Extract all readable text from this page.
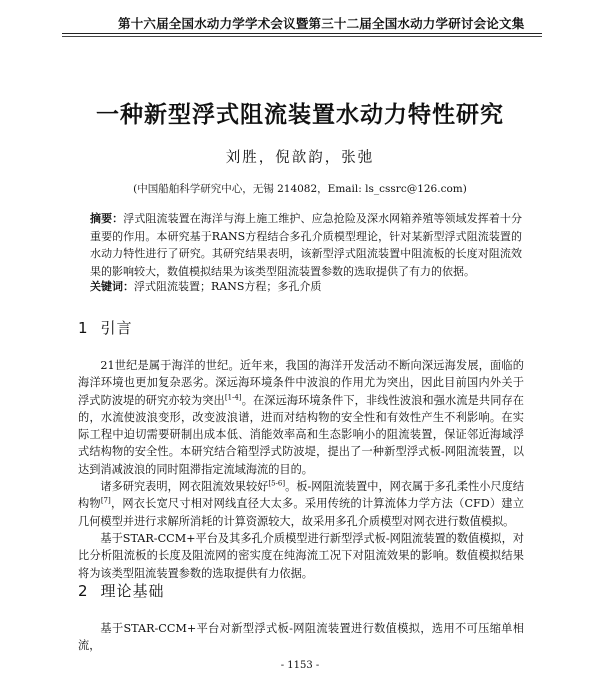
第十六届全国水动力学学术会议暨第三十二届全国水动力学研讨会论文集
一种新型浮式阻流装置水动力特性研究
刘胜，倪歆韵，张弛
(中国船舶科学研究中心，无锡 214082，Email: ls_cssrc@126.com)
摘要：浮式阻流装置在海洋与海上施工维护、应急抢险及深水网箱养殖等领域发挥着十分重要的作用。本研究基于RANS方程结合多孔介质模型理论，针对某新型浮式阻流装置的水动力特性进行了研究。其研究结果表明，该新型浮式阻流装置中阻流板的长度对阻流效果的影响较大，数值模拟结果为该类型阻流装置参数的选取提供了有力的依据。
关键词：浮式阻流装置；RANS方程；多孔介质
1 引言

21世纪是属于海洋的世纪。近年来，我国的海洋开发活动不断向深远海发展，面临的海洋环境也更加复杂恶劣。深远海环境条件中波浪的作用尤为突出，因此目前国内外关于浮式防波堤的研究亦较为突出[1-4]。在深远海环境条件下，非线性波浪和强水流是共同存在的，水流使波浪变形，改变波浪谱，进而对结构物的安全性和有效性产生不利影响。在实际工程中迫切需要研制出成本低、消能效率高和生态影响小的阻流装置，保证邻近海域浮式结构物的安全性。本研究结合箱型浮式防波堤，提出了一种新型浮式板-网阻流装置，以达到消减波浪的同时阻滞指定流域海流的目的。

诸多研究表明，网衣阻流效果较好[5-6]。板-网阻流装置中，网衣属于多孔柔性小尺度结构物[7]，网衣长宽尺寸相对网线直径大太多。采用传统的计算流体力学方法（CFD）建立几何模型并进行求解所消耗的计算资源较大，故采用多孔介质模型对网衣进行数值模拟。

基于STAR-CCM+平台及其多孔介质模型进行新型浮式板-网阻流装置的数值模拟，对比分析阻流板的长度及阻流网的密实度在纯海流工况下对阻流效果的影响。数值模拟结果将为该类型阻流装置参数的选取提供有力依据。

2 理论基础

基于STAR-CCM+平台对新型浮式板-网阻流装置进行数值模拟，选用不可压缩单相流，

- 1153 -
